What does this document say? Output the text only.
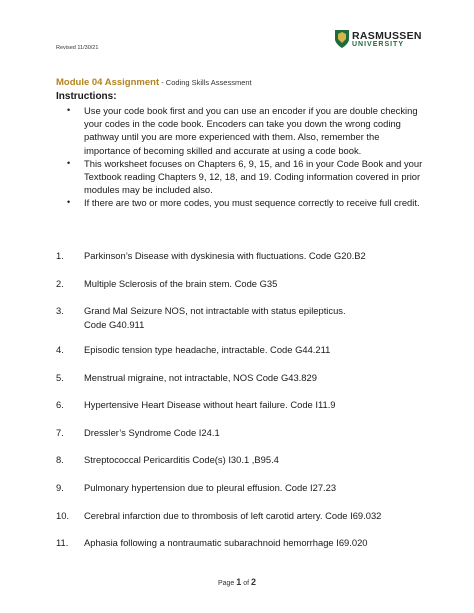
Revised 11/30/21
RASMUSSEN
UNIVERSITY
Module 04 Assignment - Coding Skills Assessment
Instructions:
• Use your code book first and you can use an encoder if you are double checking your codes in the code book. Encoders can take you down the wrong coding pathway until you are more experienced with them. Also, remember the importance of becoming skilled and accurate at using a code book.
• This worksheet focuses on Chapters 6, 9, 15, and 16 in your Code Book and your Textbook reading Chapters 9, 12, 18, and 19. Coding information covered in prior modules may be included also.
• If there are two or more codes, you must sequence correctly to receive full credit.
1. Parkinson’s Disease with dyskinesia with fluctuations. Code G20.B2
2. Multiple Sclerosis of the brain stem. Code G35
3. Grand Mal Seizure NOS, not intractable with status epilepticus.
Code G40.911
4. Episodic tension type headache, intractable. Code G44.211
5. Menstrual migraine, not intractable, NOS Code G43.829
6. Hypertensive Heart Disease without heart failure. Code I11.9
7. Dressler’s Syndrome Code I24.1
8. Streptococcal Pericarditis Code(s) I30.1 ,B95.4
9. Pulmonary hypertension due to pleural effusion. Code I27.23
10. Cerebral infarction due to thrombosis of left carotid artery. Code I69.032
11. Aphasia following a nontraumatic subarachnoid hemorrhage I69.020
Page 1 of 2
